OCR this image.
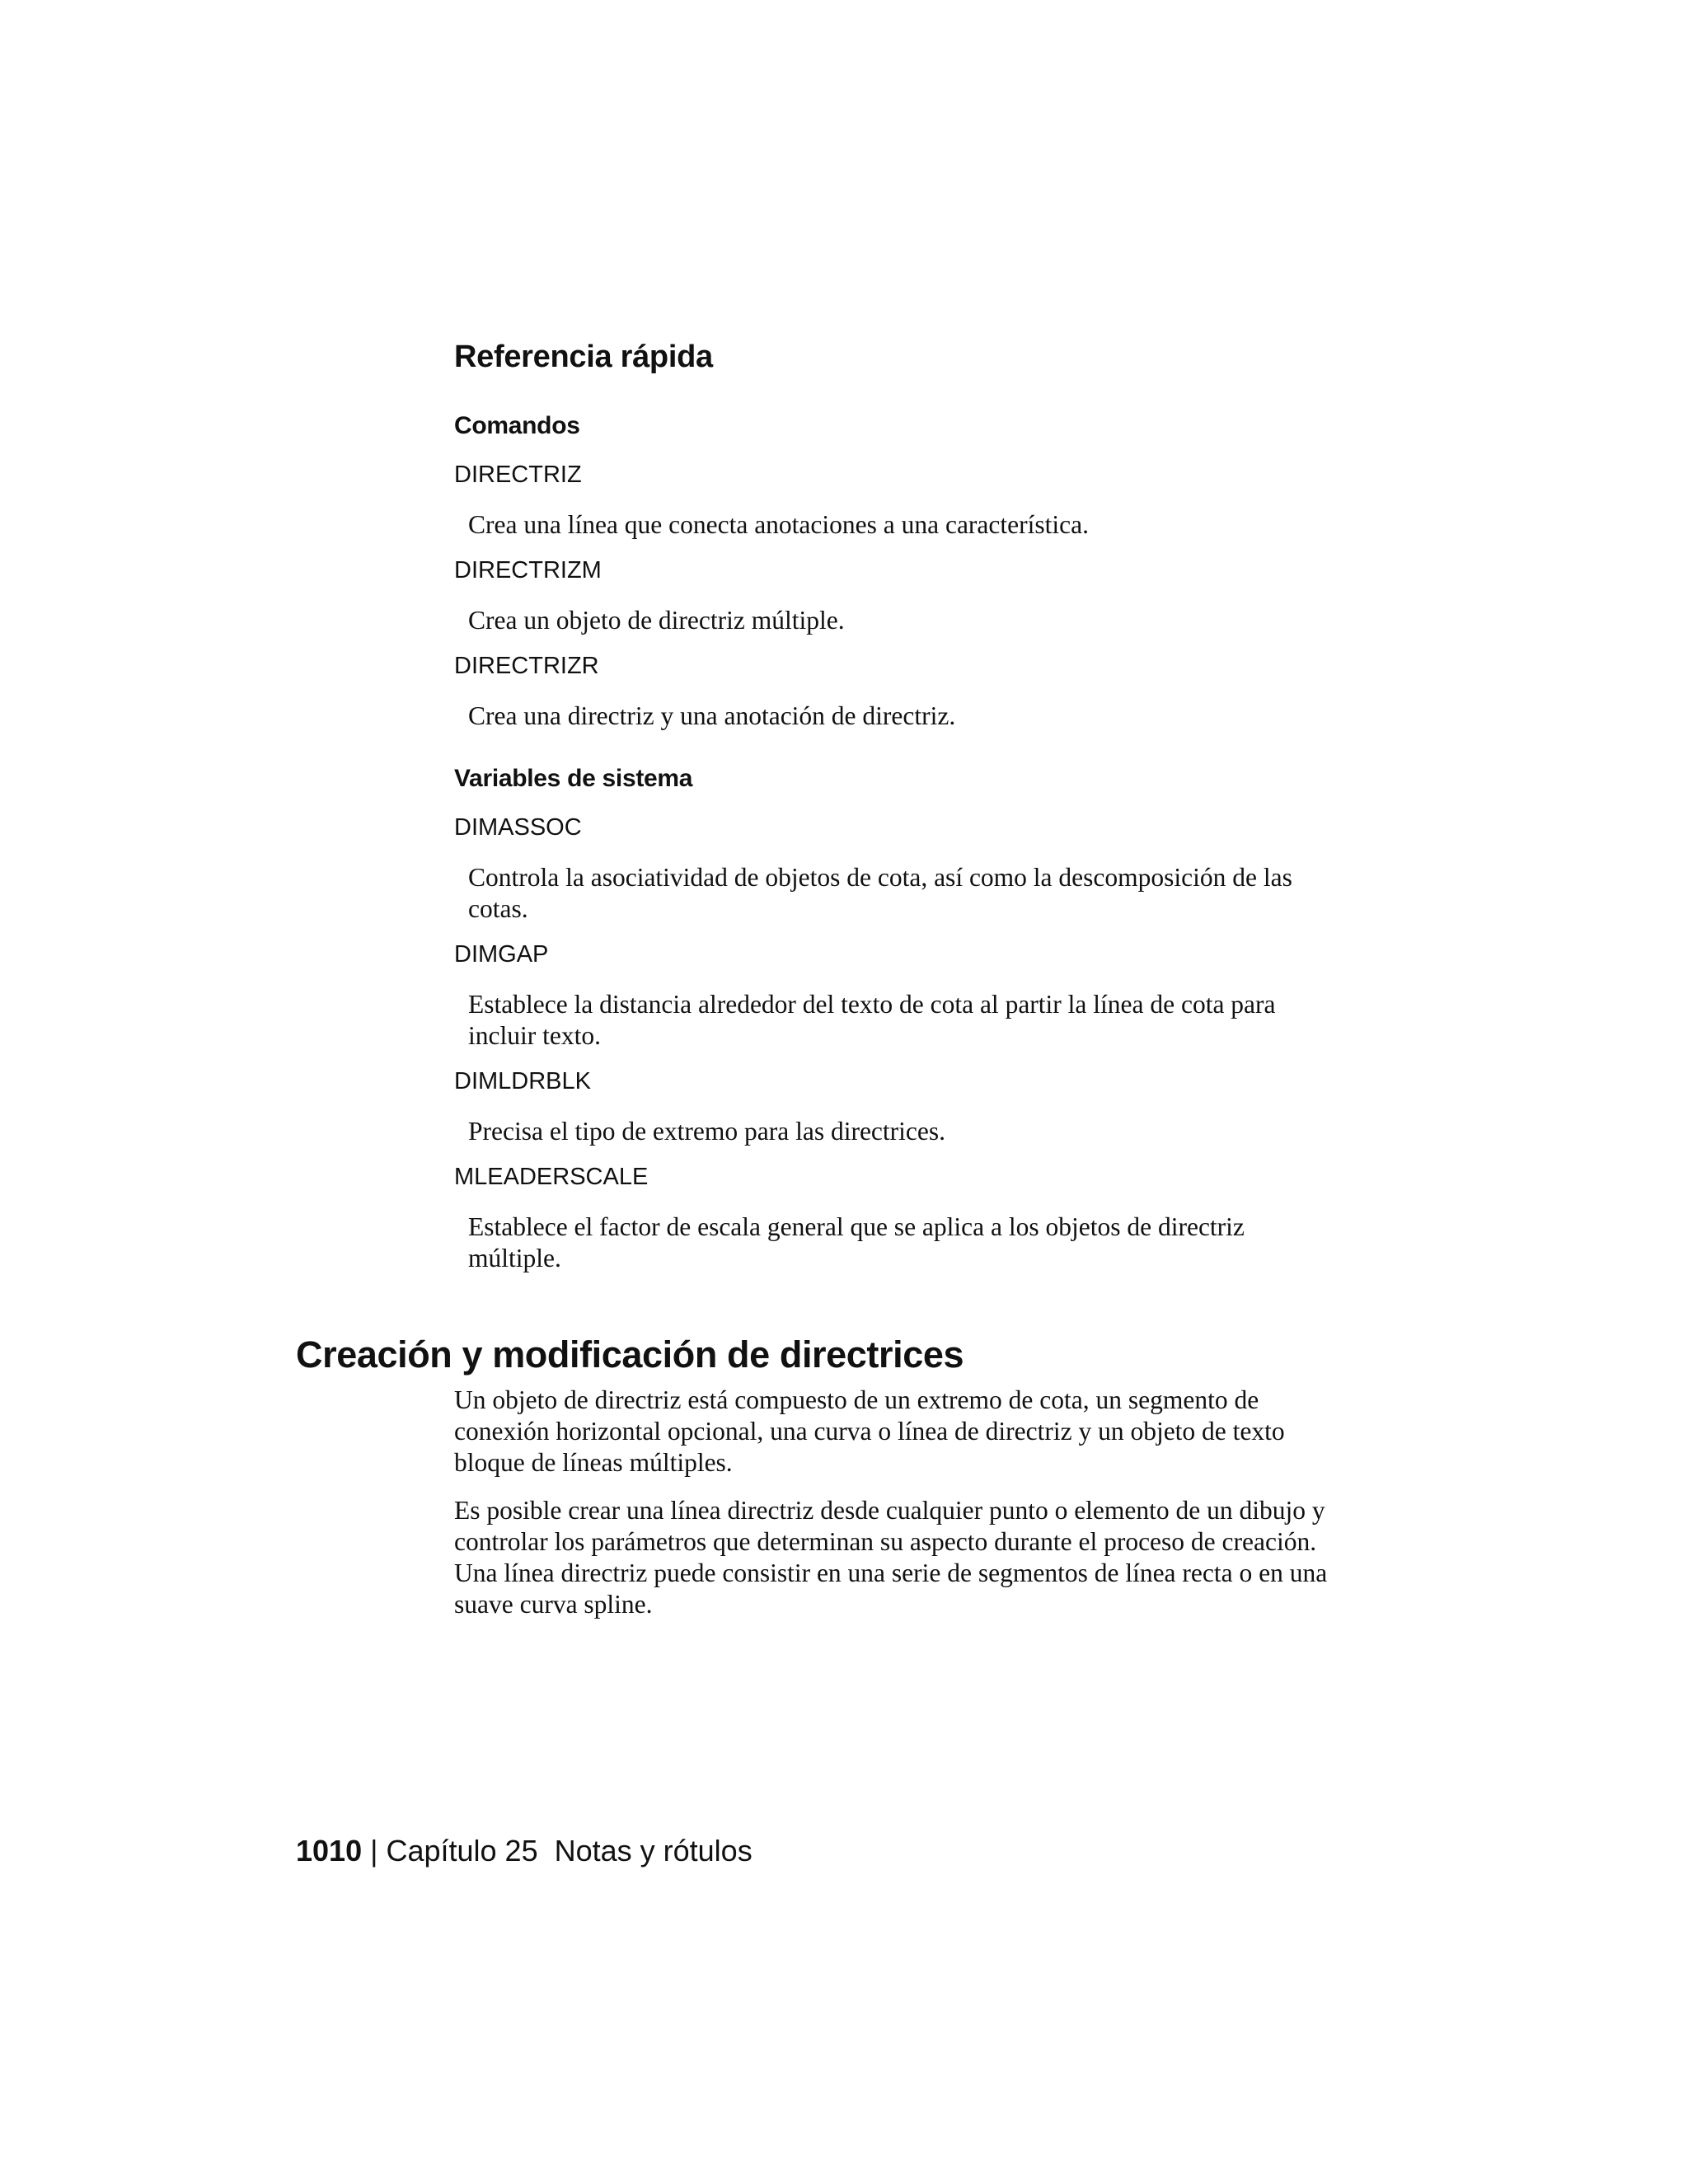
Referencia rápida
Comandos
DIRECTRIZ
Crea una línea que conecta anotaciones a una característica.
DIRECTRIZM
Crea un objeto de directriz múltiple.
DIRECTRIZR
Crea una directriz y una anotación de directriz.
Variables de sistema
DIMASSOC
Controla la asociatividad de objetos de cota, así como la descomposición de las cotas.
DIMGAP
Establece la distancia alrededor del texto de cota al partir la línea de cota para incluir texto.
DIMLDRBLK
Precisa el tipo de extremo para las directrices.
MLEADERSCALE
Establece el factor de escala general que se aplica a los objetos de directriz múltiple.
Creación y modificación de directrices
Un objeto de directriz está compuesto de un extremo de cota, un segmento de conexión horizontal opcional, una curva o línea de directriz y un objeto de texto bloque de líneas múltiples.
Es posible crear una línea directriz desde cualquier punto o elemento de un dibujo y controlar los parámetros que determinan su aspecto durante el proceso de creación. Una línea directriz puede consistir en una serie de segmentos de línea recta o en una suave curva spline.
1010 | Capítulo 25 Notas y rótulos
